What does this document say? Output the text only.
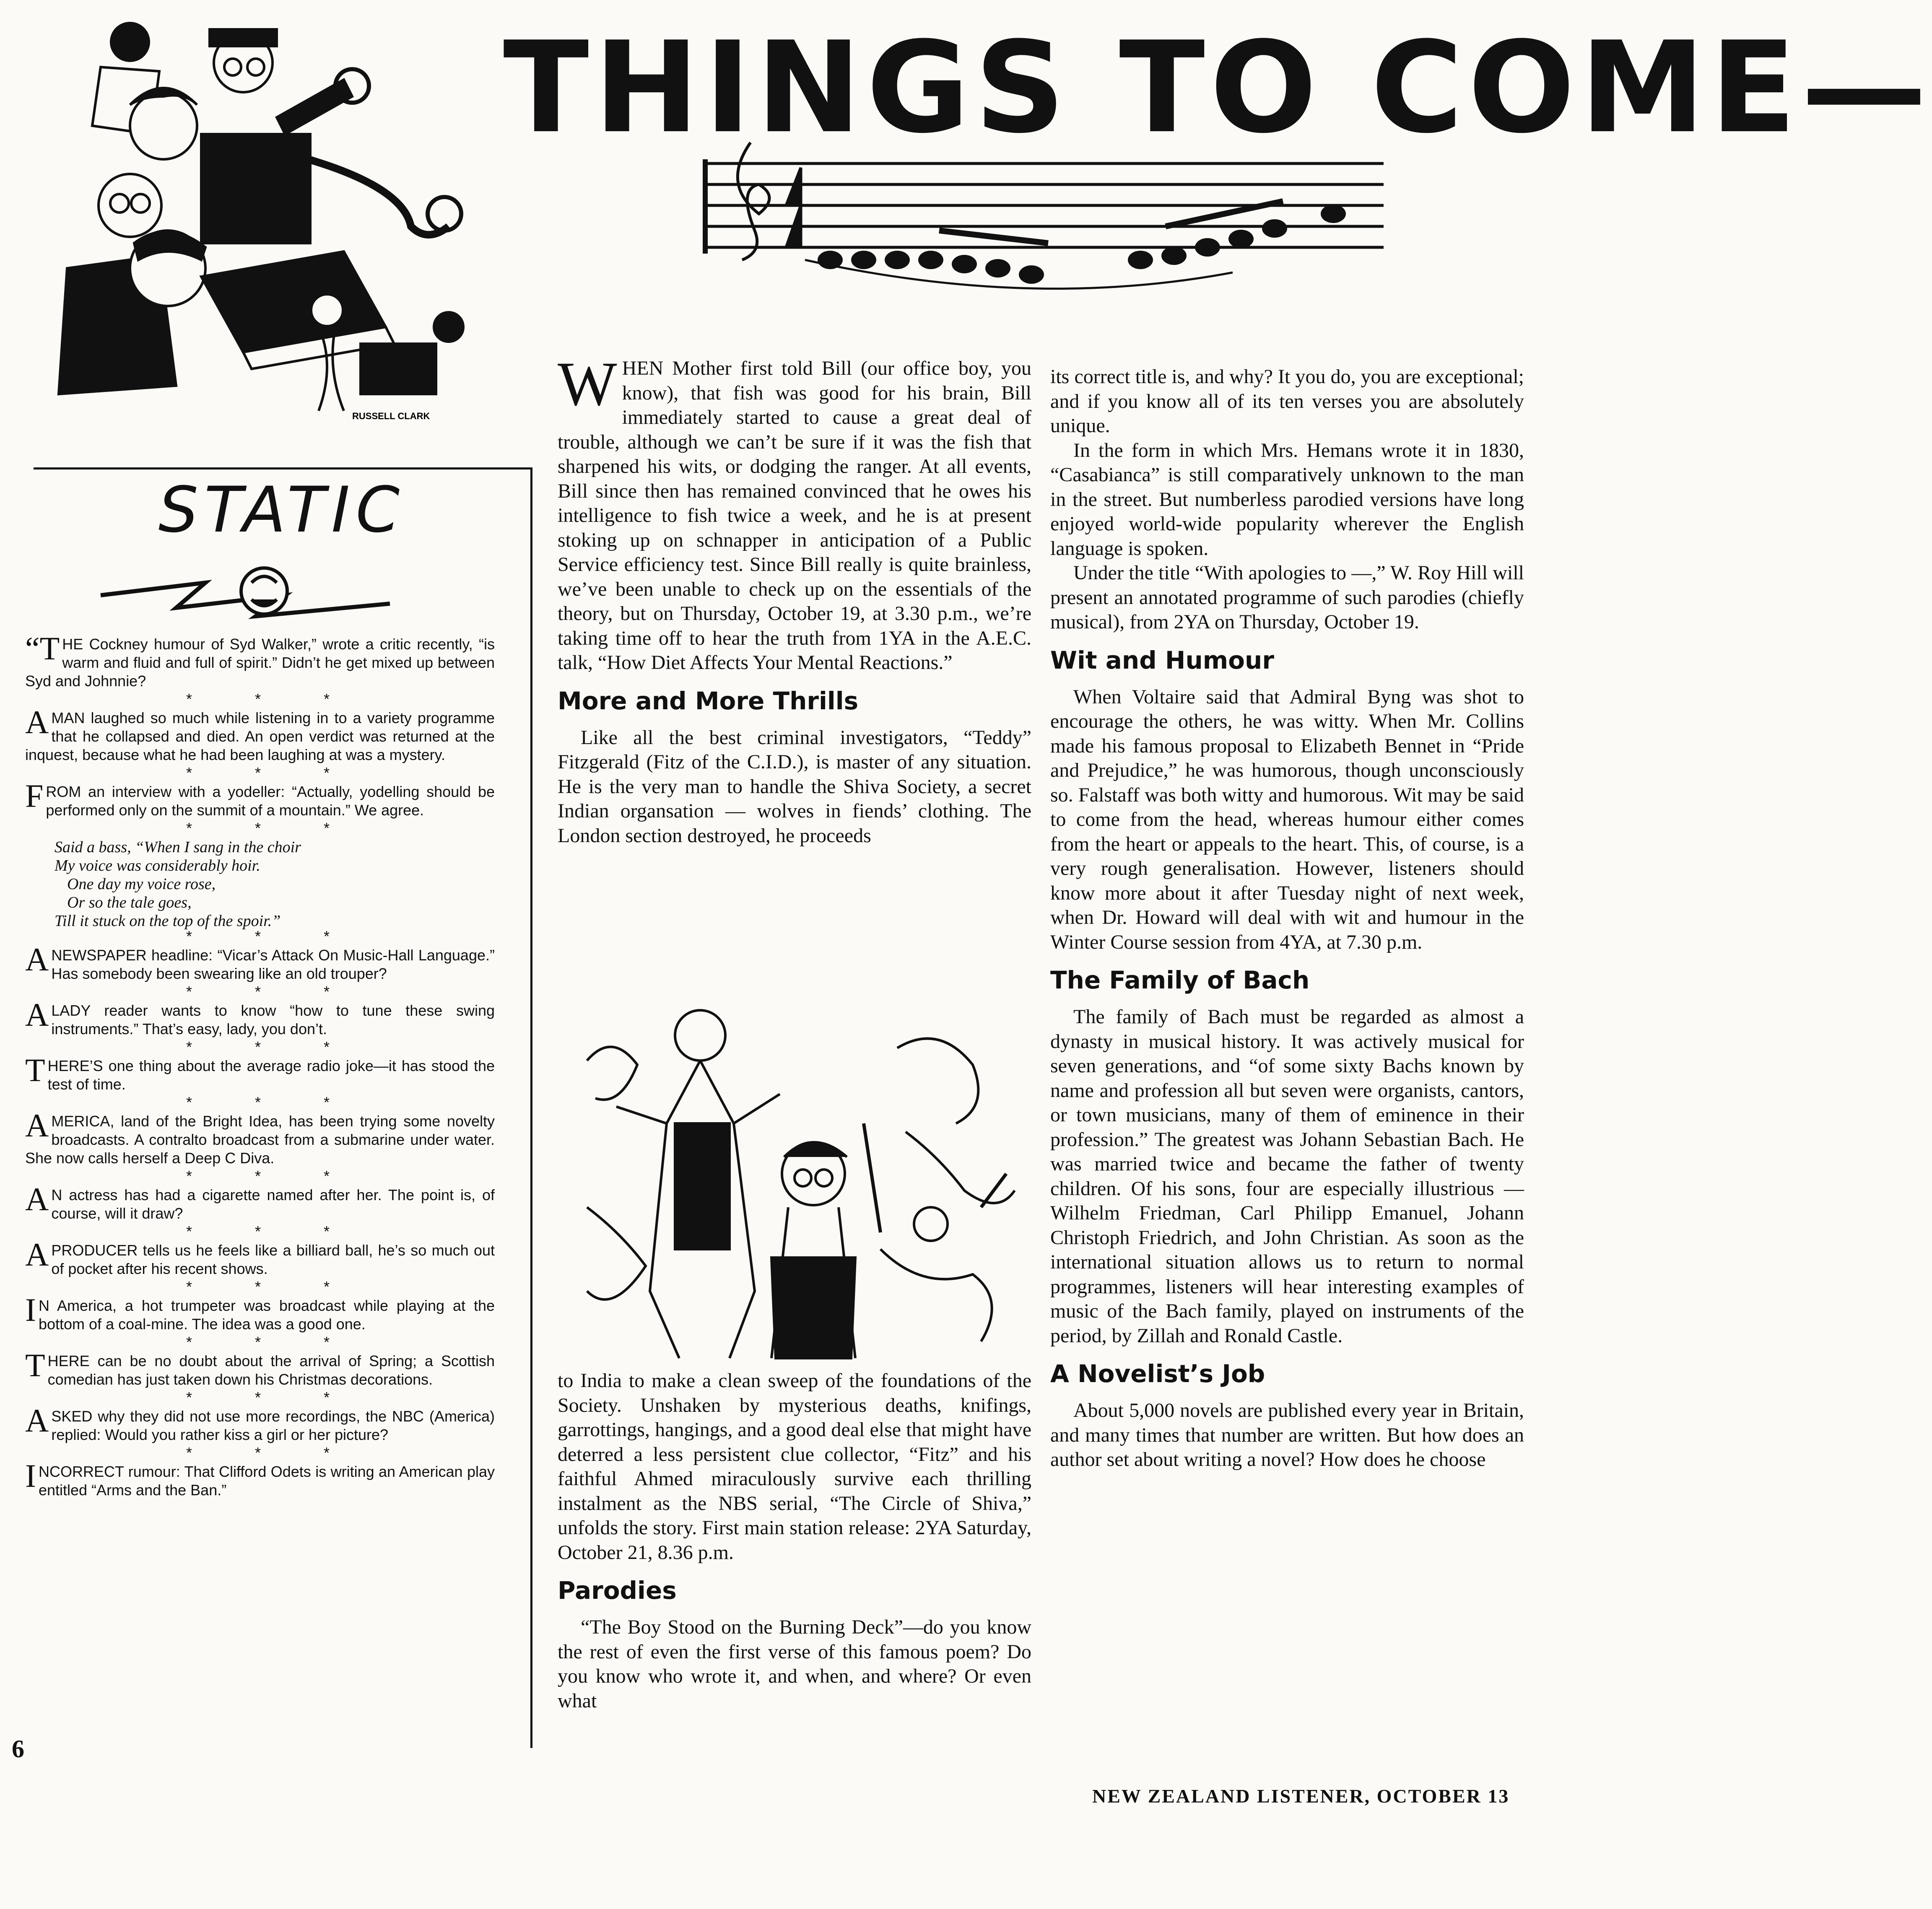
THINGS TO COME—
RUSSELL CLARK
STATIC
“THE Cockney humour of Syd Walker,” wrote a critic recently, “is warm and fluid and full of spirit.” Didn’t he get mixed up between Syd and Johnnie?
* * *
AMAN laughed so much while listening in to a variety programme that he collapsed and died. An open verdict was returned at the inquest, because what he had been laughing at was a mystery.
* * *
FROM an interview with a yodeller: “Actually, yodelling should be performed only on the summit of a mountain.” We agree.
* * *
Said a bass, “When I sang in the choir
My voice was considerably hoir.
One day my voice rose,
Or so the tale goes,
Till it stuck on the top of the spoir.”
* * *
ANEWSPAPER headline: “Vicar’s Attack On Music-Hall Language.” Has somebody been swearing like an old trouper?
* * *
ALADY reader wants to know “how to tune these swing instruments.” That’s easy, lady, you don’t.
* * *
THERE’S one thing about the average radio joke—it has stood the test of time.
* * *
AMERICA, land of the Bright Idea, has been trying some novelty broadcasts. A contralto broadcast from a submarine under water. She now calls herself a Deep C Diva.
* * *
A N actress has had a cigarette named after her. The point is, of course, will it draw?
* * *
APRODUCER tells us he feels like a billiard ball, he’s so much out of pocket after his recent shows.
* * *
I N America, a hot trumpeter was broadcast while playing at the bottom of a coal-mine. The idea was a good one.
* * *
THERE can be no doubt about the arrival of Spring; a Scottish comedian has just taken down his Christmas decorations.
* * *
ASKED why they did not use more recordings, the NBC (America) replied: Would you rather kiss a girl or her picture?
* * *
INCORRECT rumour: That Clifford Odets is writing an American play entitled “Arms and the Ban.”
6

WHEN Mother first told Bill (our office boy, you know), that fish was good for his brain, Bill immediately started to cause a great deal of trouble, although we can’t be sure if it was the fish that sharpened his wits, or dodging the ranger. At all events, Bill since then has remained convinced that he owes his intelligence to fish twice a week, and he is at present stoking up on schnapper in anticipation of a Public Service efficiency test. Since Bill really is quite brainless, we’ve been unable to check up on the essentials of the theory, but on Thursday, October 19, at 3.30 p.m., we’re taking time off to hear the truth from 1YA in the A.E.C. talk, “How Diet Affects Your Mental Reactions.”

More and More Thrills

Like all the best criminal investigators, “Teddy” Fitzgerald (Fitz of the C.I.D.), is master of any situation. He is the very man to handle the Shiva Society, a secret Indian organsation — wolves in fiends’ clothing. The London section destroyed, he proceeds

to India to make a clean sweep of the foundations of the Society. Unshaken by mysterious deaths, knifings, garrottings, hangings, and a good deal else that might have deterred a less persistent clue collector, “Fitz” and his faithful Ahmed miraculously survive each thrilling instalment as the NBS serial, “The Circle of Shiva,” unfolds the story. First main station release: 2YA Saturday, October 21, 8.36 p.m.

Parodies

“The Boy Stood on the Burning Deck”—do you know the rest of even the first verse of this famous poem? Do you know who wrote it, and when, and where? Or even what

its correct title is, and why? It you do, you are exceptional; and if you know all of its ten verses you are absolutely unique.

In the form in which Mrs. Hemans wrote it in 1830, “Casabianca” is still comparatively unknown to the man in the street. But numberless parodied versions have long enjoyed world-wide popularity wherever the English language is spoken.

Under the title “With apologies to —,” W. Roy Hill will present an annotated programme of such parodies (chiefly musical), from 2YA on Thursday, October 19.

Wit and Humour

When Voltaire said that Admiral Byng was shot to encourage the others, he was witty. When Mr. Collins made his famous proposal to Elizabeth Bennet in “Pride and Prejudice,” he was humorous, though unconsciously so. Falstaff was both witty and humorous. Wit may be said to come from the head, whereas humour either comes from the heart or appeals to the heart. This, of course, is a very rough generalisation. However, listeners should know more about it after Tuesday night of next week, when Dr. Howard will deal with wit and humour in the Winter Course session from 4YA, at 7.30 p.m.

The Family of Bach

The family of Bach must be regarded as almost a dynasty in musical history. It was actively musical for seven generations, and “of some sixty Bachs known by name and profession all but seven were organists, cantors, or town musicians, many of them of eminence in their profession.” The greatest was Johann Sebastian Bach. He was married twice and became the father of twenty children. Of his sons, four are especially illustrious — Wilhelm Friedman, Carl Philipp Emanuel, Johann Christoph Friedrich, and John Christian. As soon as the international situation allows us to return to normal programmes, listeners will hear interesting examples of music of the Bach family, played on instruments of the period, by Zillah and Ronald Castle.

A Novelist’s Job

About 5,000 novels are published every year in Britain, and many times that number are written. But how does an author set about writing a novel? How does he choose

NEW ZEALAND LISTENER, OCTOBER 13
